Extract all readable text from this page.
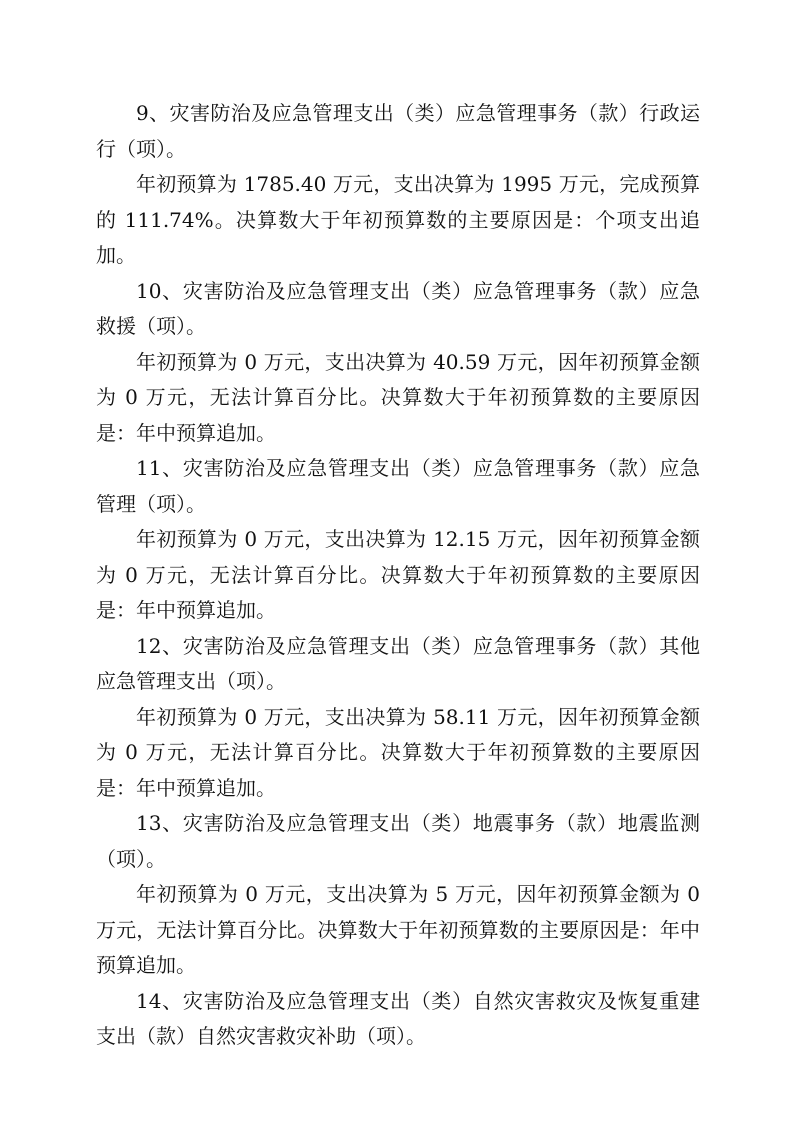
9、灾害防治及应急管理支出（类）应急管理事务（款）行政运行（项）。

年初预算为 1785.40 万元，支出决算为 1995 万元，完成预算的 111.74%。决算数大于年初预算数的主要原因是：个项支出追加。

10、灾害防治及应急管理支出（类）应急管理事务（款）应急救援（项）。

年初预算为 0 万元，支出决算为 40.59 万元，因年初预算金额为 0 万元，无法计算百分比。决算数大于年初预算数的主要原因是：年中预算追加。

11、灾害防治及应急管理支出（类）应急管理事务（款）应急管理（项）。

年初预算为 0 万元，支出决算为 12.15 万元，因年初预算金额为 0 万元，无法计算百分比。决算数大于年初预算数的主要原因是：年中预算追加。

12、灾害防治及应急管理支出（类）应急管理事务（款）其他应急管理支出（项）。

年初预算为 0 万元，支出决算为 58.11 万元，因年初预算金额为 0 万元，无法计算百分比。决算数大于年初预算数的主要原因是：年中预算追加。

13、灾害防治及应急管理支出（类）地震事务（款）地震监测（项）。

年初预算为 0 万元，支出决算为 5 万元，因年初预算金额为 0 万元，无法计算百分比。决算数大于年初预算数的主要原因是：年中预算追加。

14、灾害防治及应急管理支出（类）自然灾害救灾及恢复重建支出（款）自然灾害救灾补助（项）。
